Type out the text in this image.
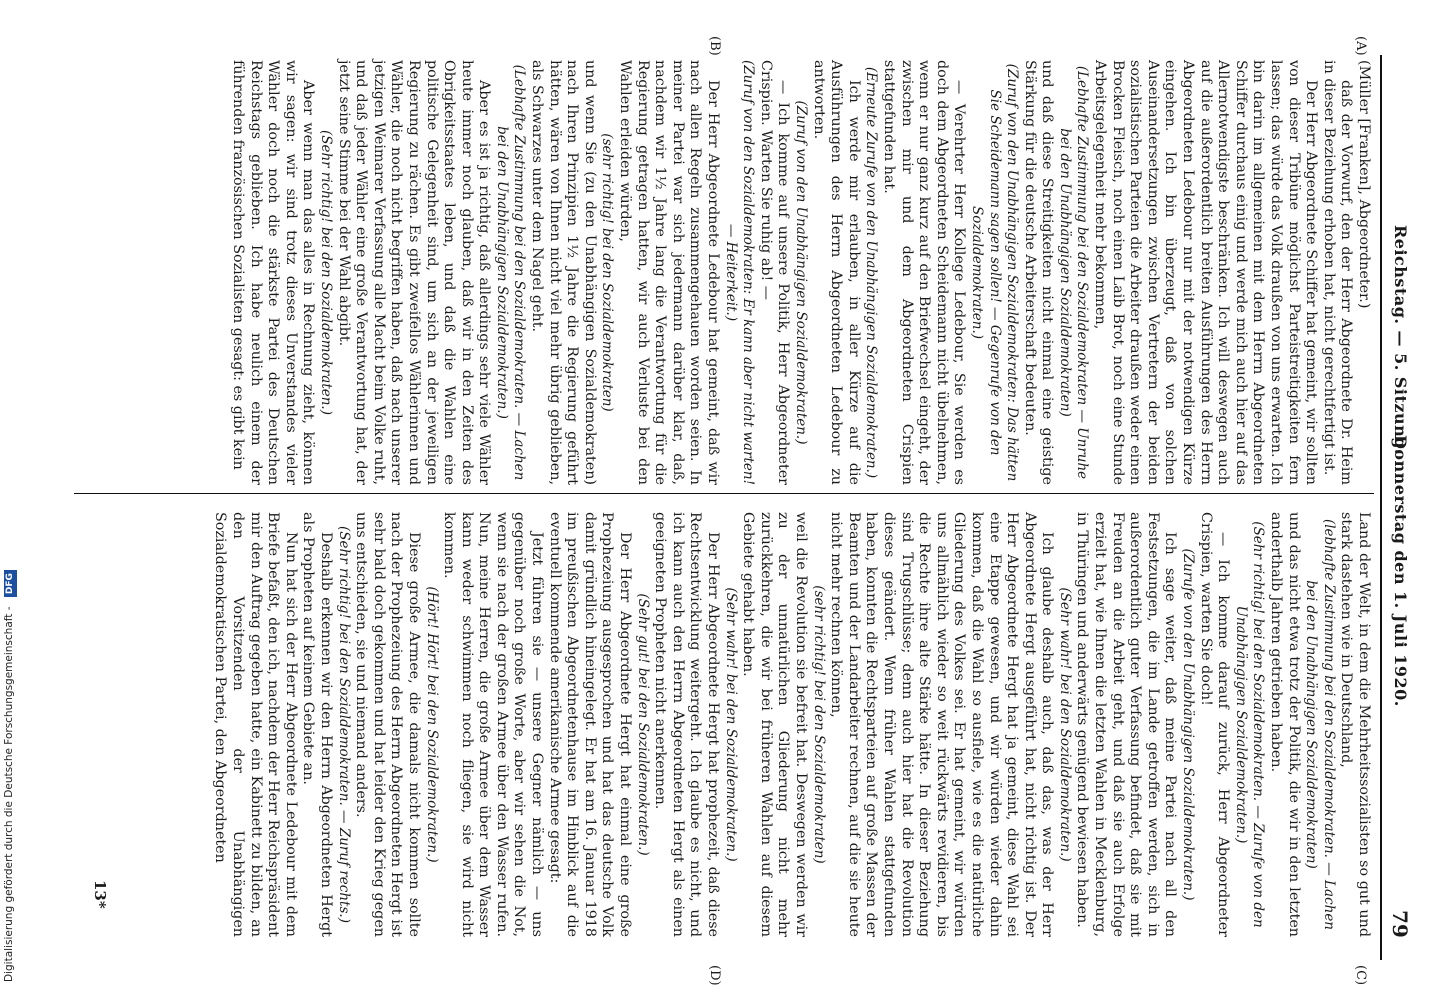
Reichstag. — 5. Sitzung.
Donnerstag den 1. Juli 1920.
79
(A)
(B)
(C)
(D)

(Müller [Franken], Abgeordneter.)

daß der Vorwurf, den der Herr Abgeordnete Dr. Heim in dieser Beziehung erhoben hat, nicht gerechtfertigt ist.

Der Herr Abgeordnete Schiffer hat gemeint, wir sollten von dieser Tribüne möglichst Parteistreitigkeiten fern lassen; das würde das Volk draußen von uns erwarten. Ich bin darin im allgemeinen mit dem Herrn Abgeordneten Schiffer durchaus einig und werde mich auch hier auf das Allernotwendigste beschränken. Ich will deswegen auch auf die außerordentlich breiten Ausführungen des Herrn Abgeordneten Ledebour nur mit der notwendigen Kürze eingehen. Ich bin überzeugt, daß von solchen Auseinandersetzungen zwischen Vertretern der beiden sozialistischen Parteien die Arbeiter draußen weder einen Brocken Fleisch, noch einen Laib Brot, noch eine Stunde Arbeitsgelegenheit mehr bekommen,

(Lebhafte Zustimmung bei den Sozialdemokraten — Unruhe bei den Unabhängigen Sozialdemokraten)

und daß diese Streitigkeiten nicht einmal eine geistige Stärkung für die deutsche Arbeiterschaft bedeuten.

(Zuruf von den Unabhängigen Sozialdemokraten: Das hätten Sie Scheidemann sagen sollen! — Gegenrufe von den Sozialdemokraten.)

— Verehrter Herr Kollege Ledebour, Sie werden es doch dem Abgeordneten Scheidemann nicht übelnehmen, wenn er nur ganz kurz auf den Briefwechsel eingeht, der zwischen mir und dem Abgeordneten Crispien stattgefunden hat.

(Erneute Zurufe von den Unabhängigen Sozialdemokraten.)

Ich werde mir erlauben, in aller Kürze auf die Ausführungen des Herrn Abgeordneten Ledebour zu antworten.

(Zuruf von den Unabhängigen Sozialdemokraten.)

— Ich komme auf unsere Politik, Herr Abgeordneter Crispien. Warten Sie ruhig ab! —

(Zuruf von den Sozialdemokraten: Er kann aber nicht warten! — Heiterkeit.)

Der Herr Abgeordnete Ledebour hat gemeint, daß wir nach allen Regeln zusammengehauen worden seien. In meiner Partei war sich jedermann darüber klar, daß, nachdem wir 1½ Jahre lang die Verantwortung für die Regierung getragen hatten, wir auch Verluste bei den Wahlen erleiden würden,

(sehr richtig! bei den Sozialdemokraten)

und wenn Sie (zu den Unabhängigen Sozialdemokraten) nach Ihren Prinzipien 1½ Jahre die Regierung geführt hätten, wären von Ihnen nicht viel mehr übrig geblieben, als Schwarzes unter dem Nagel geht.

(Lebhafte Zustimmung bei den Sozialdemokraten. — Lachen bei den Unabhängigen Sozialdemokraten.)

Aber es ist ja richtig, daß allerdings sehr viele Wähler heute immer noch glauben, daß wir in den Zeiten des Obrigkeitsstaates leben, und daß die Wahlen eine politische Gelegenheit sind, um sich an der jeweiligen Regierung zu rächen. Es gibt zweifellos Wählerinnen und Wähler, die noch nicht begriffen haben, daß nach unserer jetzigen Weimarer Verfassung alle Macht beim Volke ruht, und daß jeder Wähler eine große Verantwortung hat, der jetzt seine Stimme bei der Wahl abgibt.

(Sehr richtig! bei den Sozialdemokraten.)

Aber wenn man das alles in Rechnung zieht, können wir sagen: wir sind trotz dieses Unverstandes vieler Wähler doch noch die stärkste Partei des Deutschen Reichstags geblieben. Ich habe neulich einem der führenden französischen Sozialisten gesagt: es gibt kein

Land der Welt, in dem die Mehrheitssozialisten so gut und stark dastehen wie in Deutschland,

(lebhafte Zustimmung bei den Sozialdemokraten. — Lachen bei den Unabhängigen Sozialdemokraten)

und das nicht etwa trotz der Politik, die wir in den letzten anderthalb Jahren getrieben haben.

(Sehr richtig! bei den Sozialdemokraten. — Zurufe von den Unabhängigen Sozialdemokraten.)

— Ich komme darauf zurück, Herr Abgeordneter Crispien, warten Sie doch!

(Zurufe von den Unabhängigen Sozialdemokraten.)

Ich sage weiter, daß meine Partei nach all den Festsetzungen, die im Lande getroffen werden, sich in außerordentlich guter Verfassung befindet, daß sie mit Freuden an die Arbeit geht, und daß sie auch Erfolge erzielt hat, wie Ihnen die letzten Wahlen in Mecklenburg, in Thüringen und anderwärts genügend bewiesen haben.

(Sehr wahr! bei den Sozialdemokraten.)

Ich glaube deshalb auch, daß das, was der Herr Abgeordnete Hergt ausgeführt hat, nicht richtig ist. Der Herr Abgeordnete Hergt hat ja gemeint, diese Wahl sei eine Etappe gewesen, und wir würden wieder dahin kommen, daß die Wahl so ausfiele, wie es die natürliche Gliederung des Volkes sei. Er hat gemeint, wir würden uns allmählich wieder so weit rückwärts revidieren, bis die Rechte ihre alte Stärke hätte. In dieser Beziehung sind Trugschlüsse; denn auch hier hat die Revolution dieses geändert. Wenn früher Wahlen stattgefunden haben, konnten die Rechtsparteien auf große Massen der Beamten und der Landarbeiter rechnen, auf die sie heute nicht mehr rechnen können,

(sehr richtig! bei den Sozialdemokraten)

weil die Revolution sie befreit hat. Deswegen werden wir zu der unnatürlichen Gliederung nicht mehr zurückkehren, die wir bei früheren Wahlen auf diesem Gebiete gehabt haben.

(Sehr wahr! bei den Sozialdemokraten.)

Der Herr Abgeordnete Hergt hat prophezeit, daß diese Rechtsentwicklung weitergeht. Ich glaube es nicht, und ich kann auch den Herrn Abgeordneten Hergt als einen geeigneten Propheten nicht anerkennen.

(Sehr gut! bei den Sozialdemokraten.)

Der Herr Abgeordnete Hergt hat einmal eine große Prophezeiung ausgesprochen und hat das deutsche Volk damit gründlich hineingelegt. Er hat am 16. Januar 1918 im preußischen Abgeordnetenhause im Hinblick auf die eventuell kommende amerikanische Armee gesagt:

Jetzt führen sie — unsere Gegner nämlich — uns gegenüber noch große Worte, aber wir sehen die Not, wenn sie nach der großen Armee über den Wasser rufen. Nun, meine Herren, die große Armee über dem Wasser kann weder schwimmen noch fliegen, sie wird nicht kommen.

(Hört! Hört! bei den Sozialdemokraten.)

Diese große Armee, die damals nicht kommen sollte nach der Prophezeiung des Herrn Abgeordneten Hergt ist sehr bald doch gekommen und hat leider den Krieg gegen uns entschieden, sie und niemand anders.

(Sehr richtig! bei den Sozialdemokraten. — Zuruf rechts.)

Deshalb erkennen wir den Herrn Abgeordneten Hergt als Propheten auf keinem Gebiete an.

Nun hat sich der Herr Abgeordnete Ledebour mit dem Briefe befaßt, den ich, nachdem der Herr Reichspräsident mir den Auftrag gegeben hatte, ein Kabinett zu bilden, an den Vorsitzenden der Unabhängigen Sozialdemokratischen Partei, den Abgeordneten

13*
Digitalisierung gefördert durch die Deutsche Forschungsgemeinschaft - DFG
